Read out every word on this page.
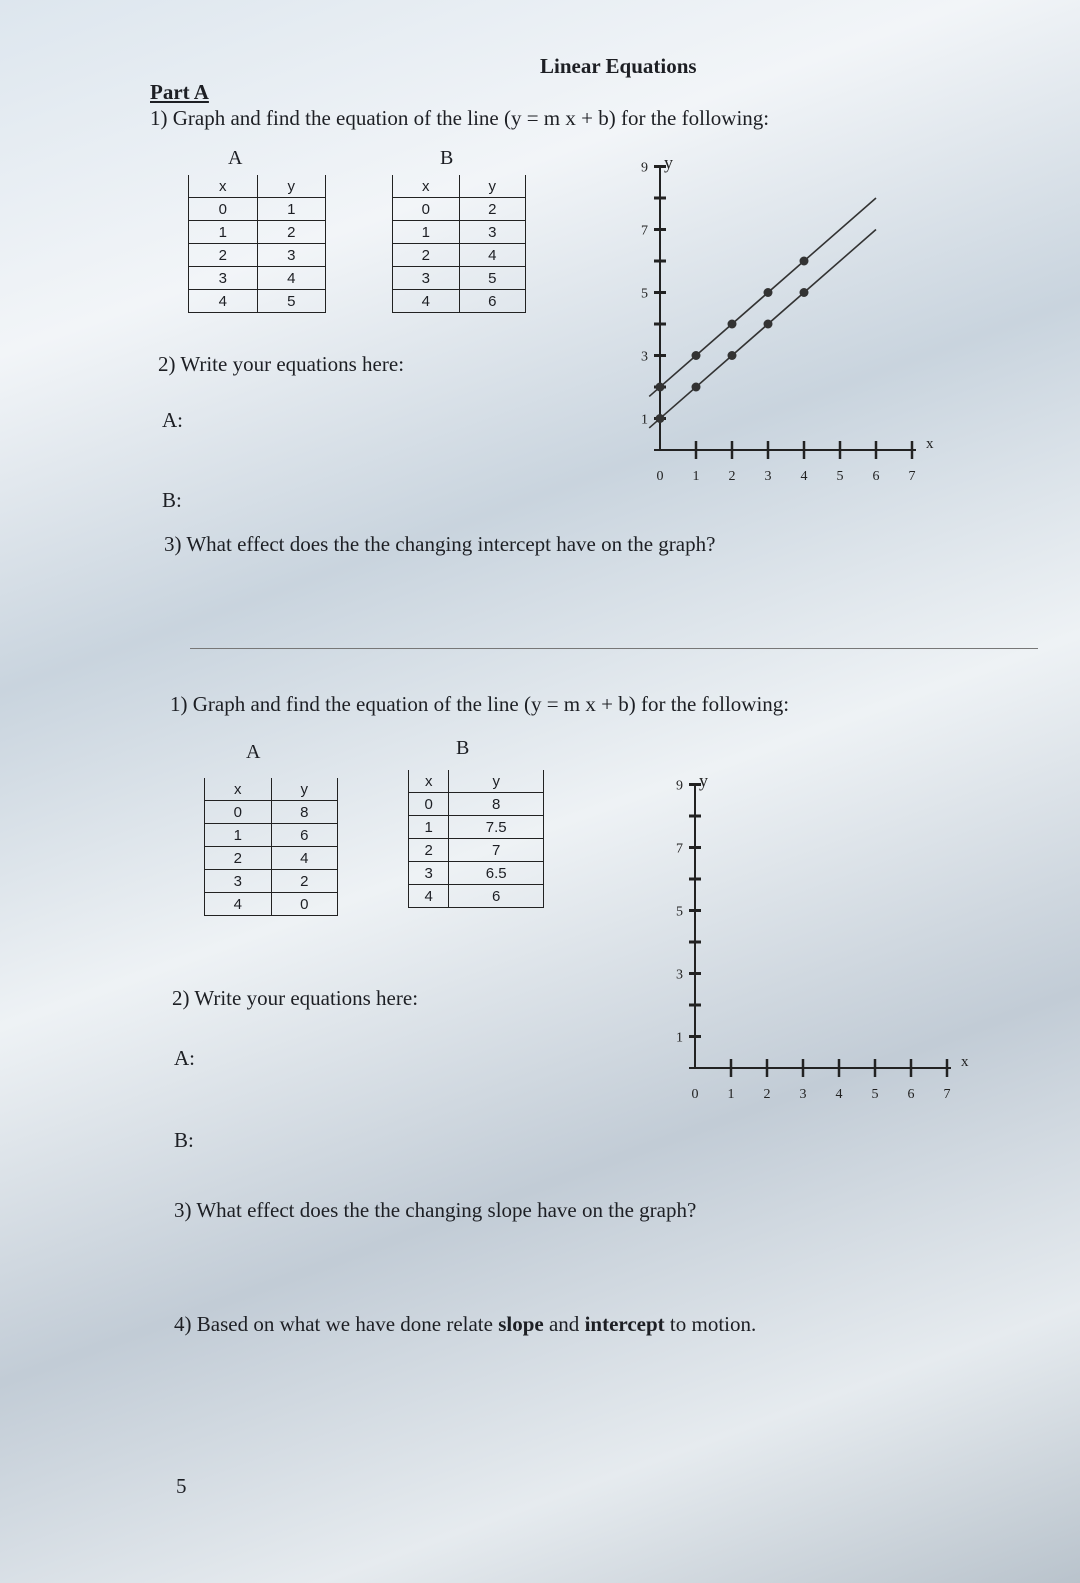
Linear Equations
Part A
1) Graph and find the equation of the line (y = m x + b) for the following:
A	B
x	y
0	1
1	2
2	3
3	4
4	5
x	y
0	2
1	3
2	4
3	5
4	6
2) Write your equations here:
A:
B:
3) What effect does the the changing intercept have on the graph?
9
7
5
3
1
0 1 2 3 4 5 6 7
y
x
1) Graph and find the equation of the line (y = m x + b) for the following:
A	B
x	y
0	8
1	6
2	4
3	2
4	0
x	y
0	8
1	7.5
2	7
3	6.5
4	6
2) Write your equations here:
A:
B:
3) What effect does the the changing slope have on the graph?
4) Based on what we have done relate slope and intercept to motion.
9
7
5
3
1
0 1 2 3 4 5 6 7
y
x
5
